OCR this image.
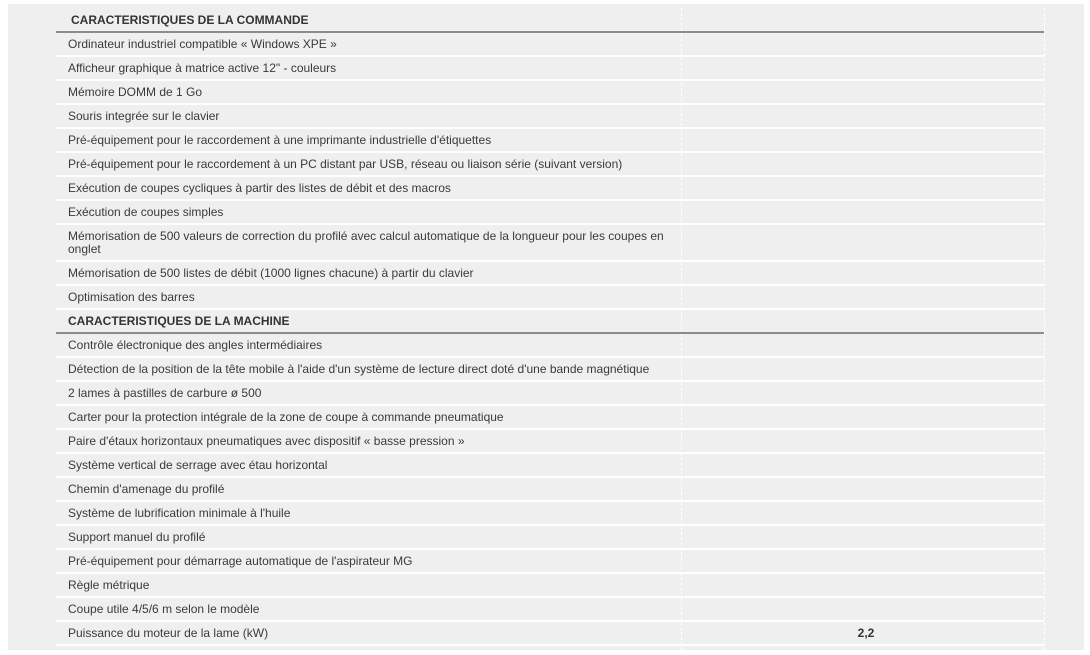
CARACTERISTIQUES DE LA COMMANDE
Ordinateur industriel compatible « Windows XPE »
Afficheur graphique à matrice active 12" - couleurs
Mémoire DOMM de 1 Go
Souris integrée sur le clavier
Pré-équipement pour le raccordement à une imprimante industrielle d'étiquettes
Pré-équipement pour le raccordement à un PC distant par USB, réseau ou liaison série (suivant version)
Exécution de coupes cycliques à partir des listes de débit et des macros
Exécution de coupes simples
Mémorisation de 500 valeurs de correction du profilé avec calcul automatique de la longueur pour les coupes en onglet
Mémorisation de 500 listes de débit (1000 lignes chacune) à partir du clavier
Optimisation des barres
CARACTERISTIQUES DE LA MACHINE
Contrôle électronique des angles intermédiaires
Détection de la position de la tête mobile à l'aide d'un système de lecture direct doté d'une bande magnétique
2 lames à pastilles de carbure ø 500
Carter pour la protection intégrale de la zone de coupe à commande pneumatique
Paire d'étaux horizontaux pneumatiques avec dispositif « basse pression »
Système vertical de serrage avec étau horizontal
Chemin d'amenage du profilé
Système de lubrification minimale à l'huile
Support manuel du profilé
Pré-équipement pour démarrage automatique de l'aspirateur MG
Règle métrique
Coupe utile 4/5/6 m selon le modèle
Puissance du moteur de la lame (kW)	2,2
